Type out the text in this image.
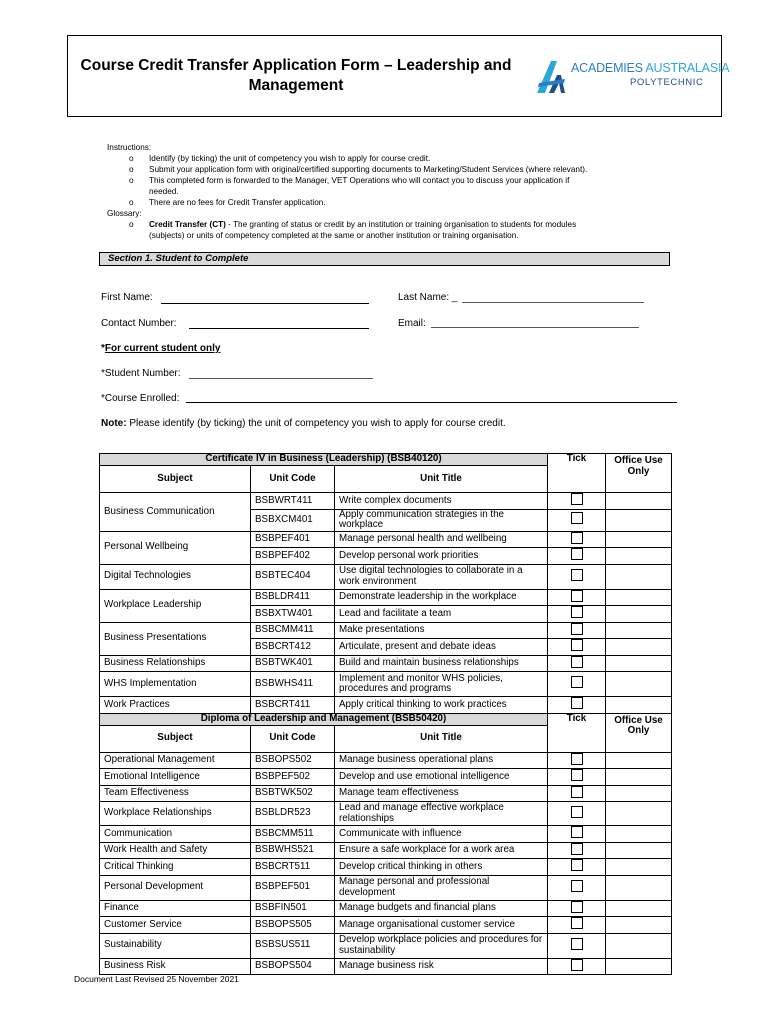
Course Credit Transfer Application Form – Leadership and Management
ACADEMIES AUSTRALASIA
POLYTECHNIC
Instructions:
o Identify (by ticking) the unit of competency you wish to apply for course credit.
o Submit your application form with original/certified supporting documents to Marketing/Student Services (where relevant).
o This completed form is forwarded to the Manager, VET Operations who will contact you to discuss your application if
needed.
o There are no fees for Credit Transfer application.
Glossary:
o Credit Transfer (CT) - The granting of status or credit by an institution or training organisation to students for modules
(subjects) or units of competency completed at the same or another institution or training organisation.
Section 1. Student to Complete
First Name:	Last Name: _
Contact Number:	Email:
*For current student only
*Student Number:
*Course Enrolled:
Note: Please identify (by ticking) the unit of competency you wish to apply for course credit.
Certificate IV in Business (Leadership) (BSB40120)			Tick	Office Use Only
Subject	Unit Code	Unit Title		
Business Communication	BSBWRT411	Write complex documents		
	BSBXCM401	Apply communication strategies in the workplace		
Personal Wellbeing	BSBPEF401	Manage personal health and wellbeing		
	BSBPEF402	Develop personal work priorities		
Digital Technologies	BSBTEC404	Use digital technologies to collaborate in a work environment		
Workplace Leadership	BSBLDR411	Demonstrate leadership in the workplace		
	BSBXTW401	Lead and facilitate a team		
Business Presentations	BSBCMM411	Make presentations		
	BSBCRT412	Articulate, present and debate ideas		
Business Relationships	BSBTWK401	Build and maintain business relationships		
WHS Implementation	BSBWHS411	Implement and monitor WHS policies, procedures and programs		
Work Practices	BSBCRT411	Apply critical thinking to work practices		
Diploma of Leadership and Management (BSB50420)			Tick	Office Use Only
Subject	Unit Code	Unit Title		
Operational Management	BSBOPS502	Manage business operational plans		
Emotional Intelligence	BSBPEF502	Develop and use emotional intelligence		
Team Effectiveness	BSBTWK502	Manage team effectiveness		
Workplace Relationships	BSBLDR523	Lead and manage effective workplace relationships		
Communication	BSBCMM511	Communicate with influence		
Work Health and Safety	BSBWHS521	Ensure a safe workplace for a work area		
Critical Thinking	BSBCRT511	Develop critical thinking in others		
Personal Development	BSBPEF501	Manage personal and professional development		
Finance	BSBFIN501	Manage budgets and financial plans		
Customer Service	BSBOPS505	Manage organisational customer service		
Sustainability	BSBSUS511	Develop workplace policies and procedures for sustainability		
Business Risk	BSBOPS504	Manage business risk		
Document Last Revised 25 November 2021
